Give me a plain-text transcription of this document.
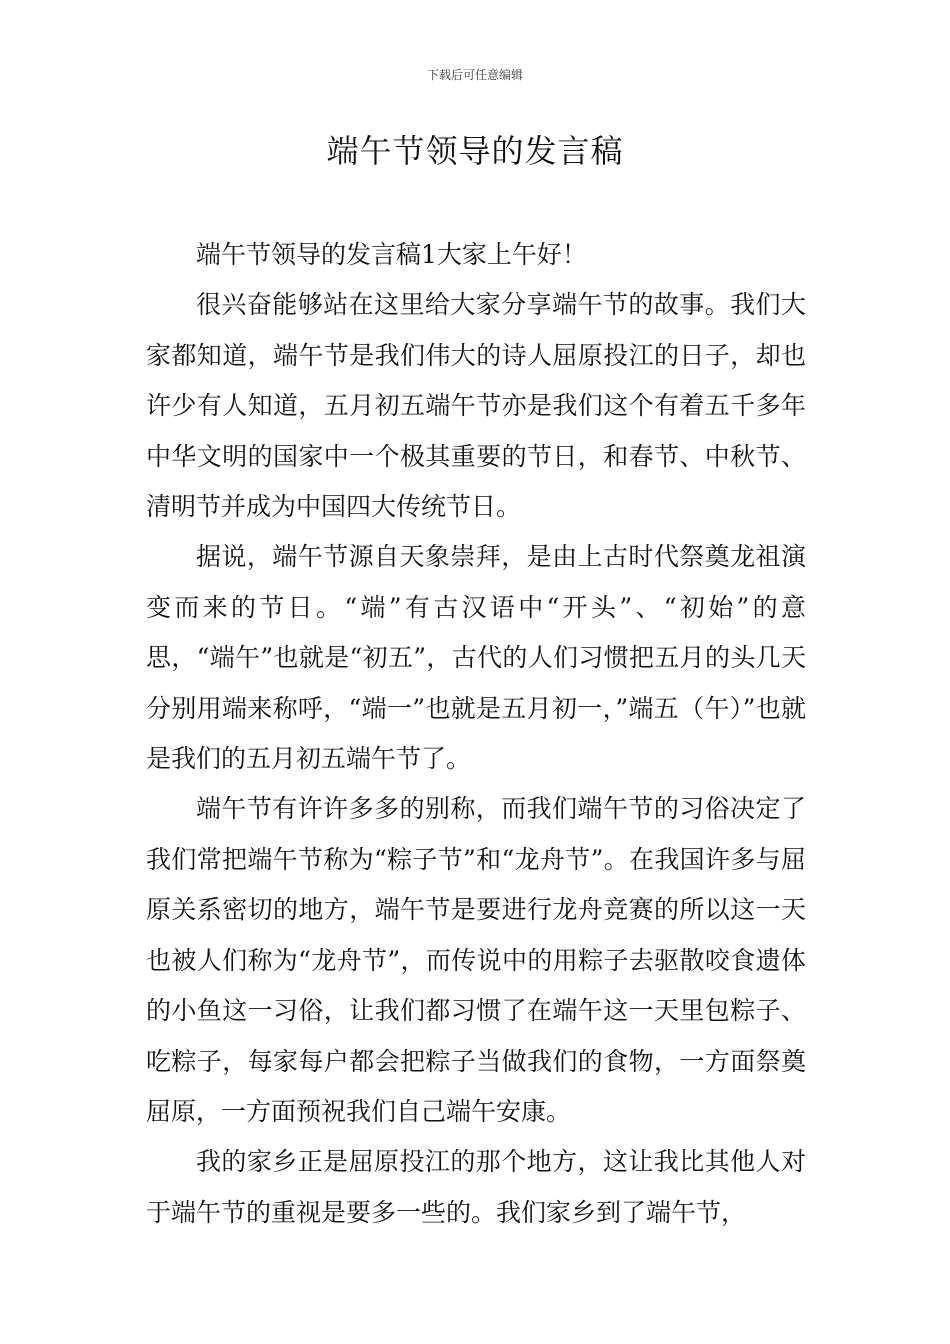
下载后可任意编辑
端午节领导的发言稿

端午节领导的发言稿1大家上午好！

很兴奋能够站在这里给大家分享端午节的故事。我们大家都知道，端午节是我们伟大的诗人屈原投江的日子，却也许少有人知道，五月初五端午节亦是我们这个有着五千多年中华文明的国家中一个极其重要的节日，和春节、中秋节、清明节并成为中国四大传统节日。

据说，端午节源自天象崇拜，是由上古时代祭奠龙祖演变而来的节日。“端”有古汉语中“开头”、“初始”的意思，“端午”也就是“初五”，古代的人们习惯把五月的头几天分别用端来称呼，“端一”也就是五月初一，”端五（午）”也就是我们的五月初五端午节了。

端午节有许许多多的别称，而我们端午节的习俗决定了我们常把端午节称为“粽子节”和“龙舟节”。在我国许多与屈原关系密切的地方，端午节是要进行龙舟竞赛的所以这一天也被人们称为“龙舟节”，而传说中的用粽子去驱散咬食遗体的小鱼这一习俗，让我们都习惯了在端午这一天里包粽子、吃粽子，每家每户都会把粽子当做我们的食物，一方面祭奠屈原，一方面预祝我们自己端午安康。

我的家乡正是屈原投江的那个地方，这让我比其他人对于端午节的重视是要多一些的。我们家乡到了端午节，
